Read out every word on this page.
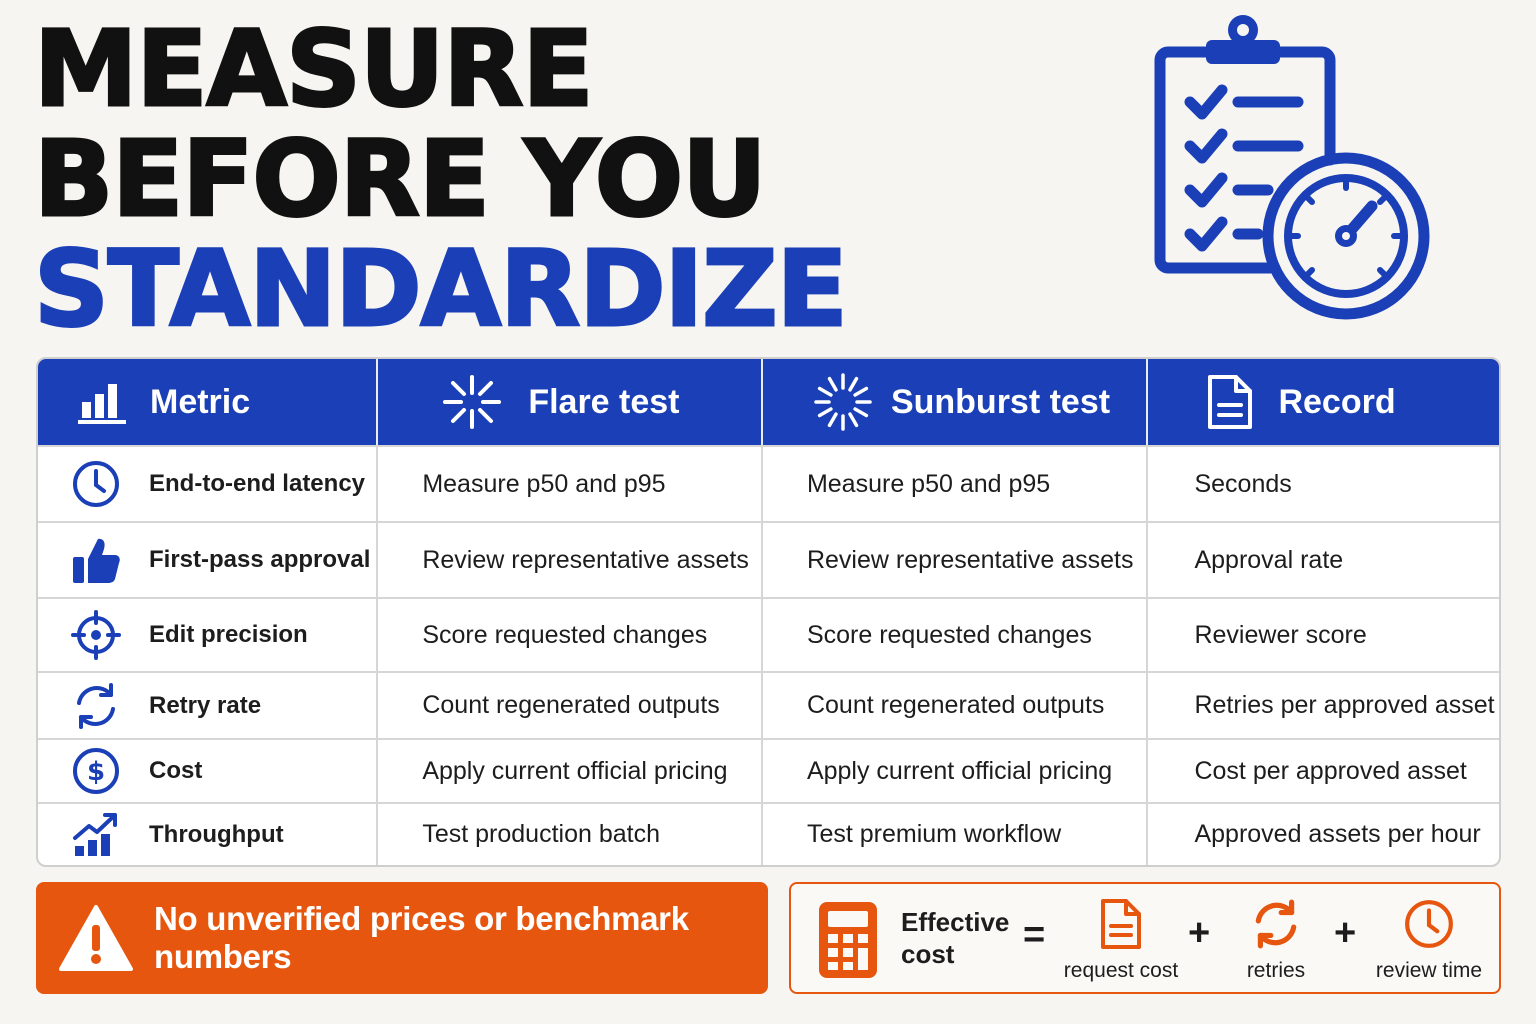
MEASURE
BEFORE YOU
STANDARDIZE
Metric	Flare test	Sunburst test	Record

End-to-end latency	Measure p50 and p95	Measure p50 and p95	Seconds

First-pass approval	Review representative assets	Review representative assets	Approval rate

Edit precision	Score requested changes	Score requested changes	Reviewer score

Retry rate	Count regenerated outputs	Count regenerated outputs	Retries per approved asset

$ Cost	Apply current official pricing	Apply current official pricing	Cost per approved asset

Throughput	Test production batch	Test premium workflow	Approved assets per hour
No unverified prices or benchmark numbers
Effective
cost	=
request cost
+
retries
+
review time
